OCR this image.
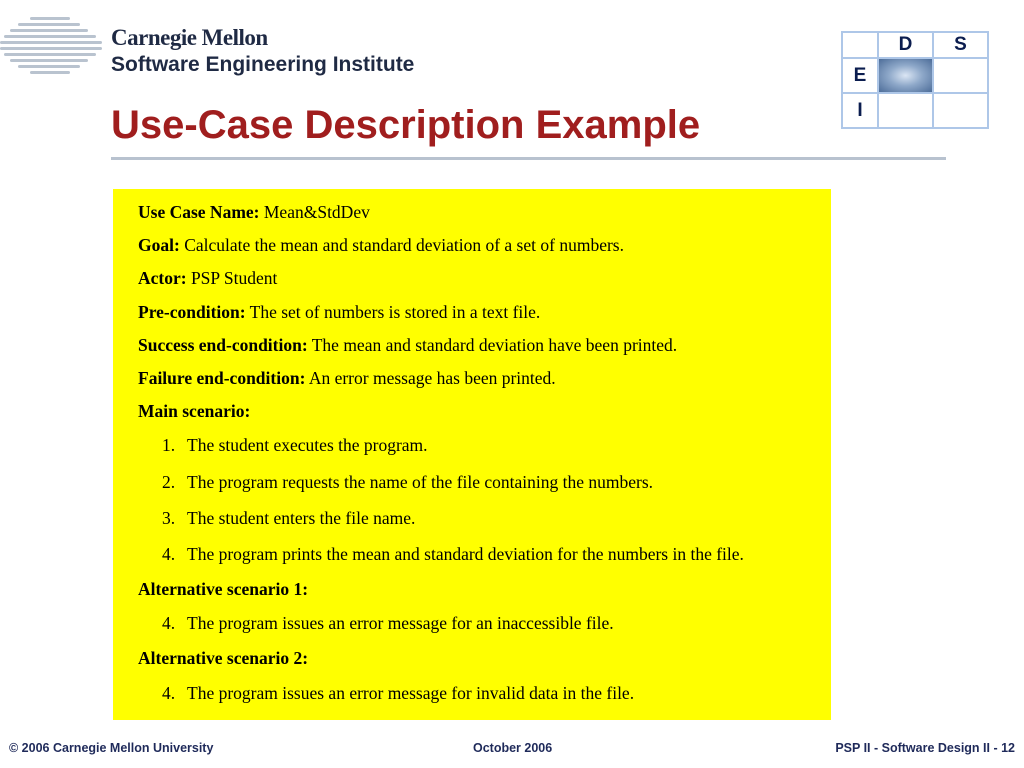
Carnegie Mellon
Software Engineering Institute
Use-Case Description Example
	D	S
E		
I		

Use Case Name: Mean&StdDev

Goal: Calculate the mean and standard deviation of a set of numbers.

Actor: PSP Student

Pre-condition: The set of numbers is stored in a text file.

Success end-condition: The mean and standard deviation have been printed.

Failure end-condition: An error message has been printed.

Main scenario:

1. The student executes the program.
2. The program requests the name of the file containing the numbers.
3. The student enters the file name.
4. The program prints the mean and standard deviation for the numbers in the file.

Alternative scenario 1:

4. The program issues an error message for an inaccessible file.

Alternative scenario 2:

4. The program issues an error message for invalid data in the file.
© 2006 Carnegie Mellon University	October 2006	PSP II - Software Design II - 12
